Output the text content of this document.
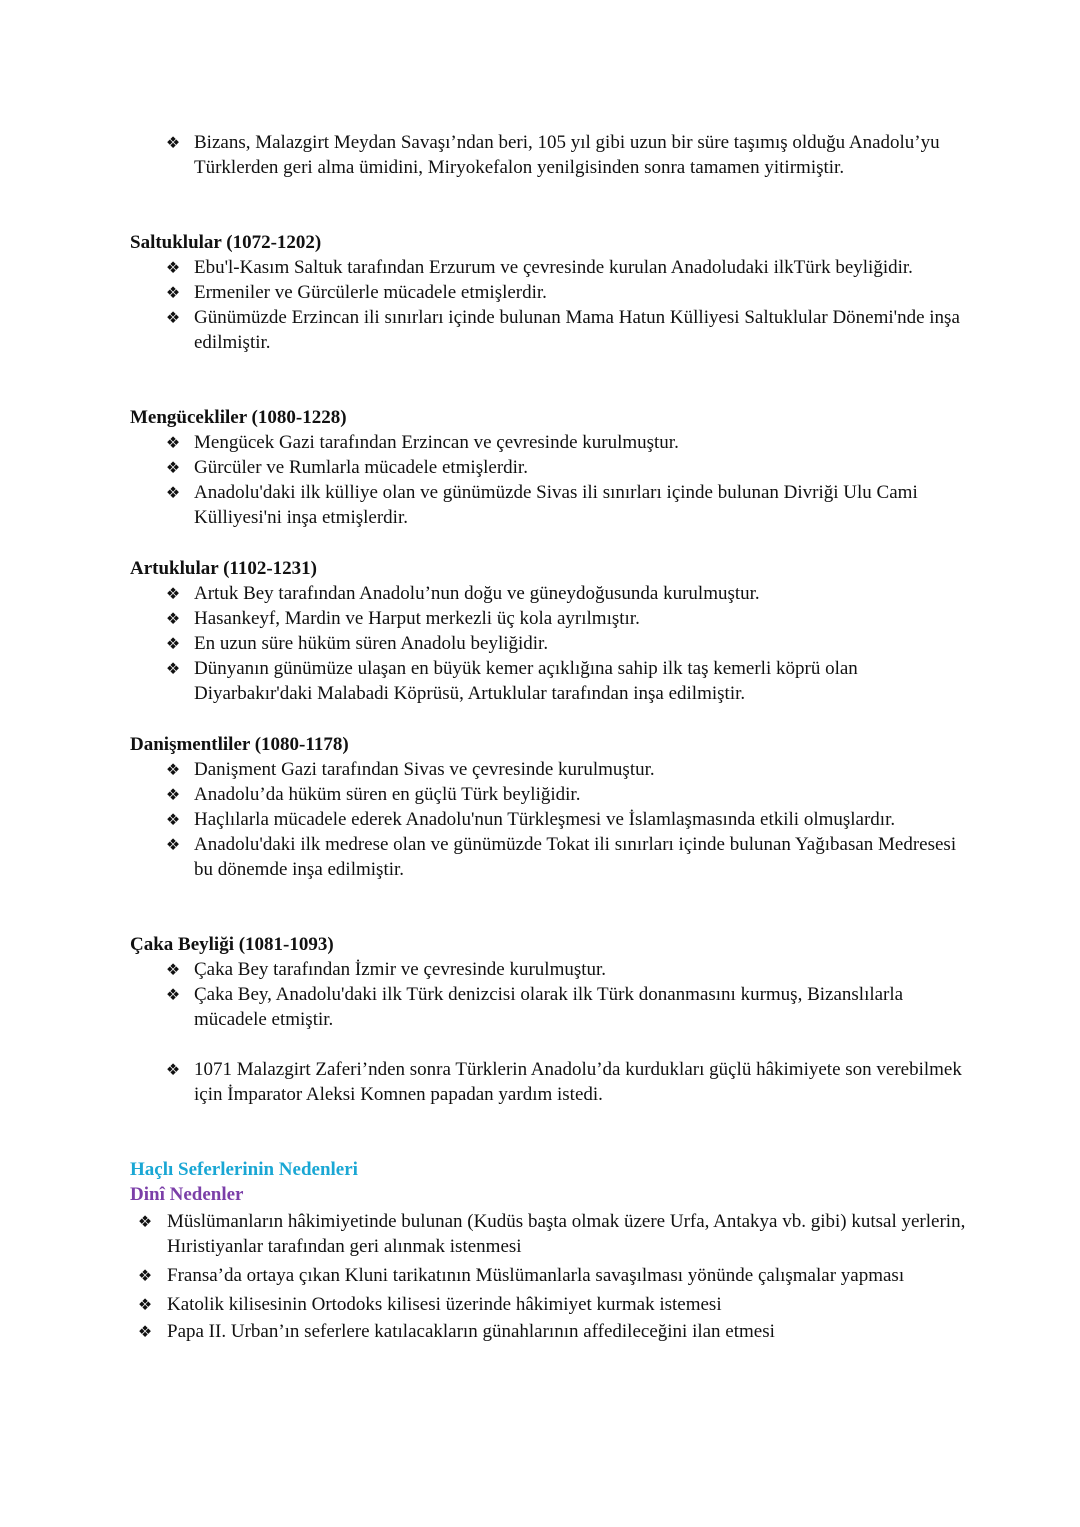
❖ Bizans, Malazgirt Meydan Savaşı’ndan beri, 105 yıl gibi uzun bir süre taşımış olduğu Anadolu’yu Türklerden geri alma ümidini, Miryokefalon yenilgisinden sonra tamamen yitirmiştir.
Saltuklular (1072-1202)
❖ Ebu'l-Kasım Saltuk tarafından Erzurum ve çevresinde kurulan Anadoludaki ilkTürk beyliğidir.
❖ Ermeniler ve Gürcülerle mücadele etmişlerdir.
❖ Günümüzde Erzincan ili sınırları içinde bulunan Mama Hatun Külliyesi Saltuklular Dönemi'nde inşa edilmiştir.
Mengücekliler (1080-1228)
❖ Mengücek Gazi tarafından Erzincan ve çevresinde kurulmuştur.
❖ Gürcüler ve Rumlarla mücadele etmişlerdir.
❖ Anadolu'daki ilk külliye olan ve günümüzde Sivas ili sınırları içinde bulunan Divriği Ulu Cami Külliyesi'ni inşa etmişlerdir.
Artuklular (1102-1231)
❖ Artuk Bey tarafından Anadolu’nun doğu ve güneydoğusunda kurulmuştur.
❖ Hasankeyf, Mardin ve Harput merkezli üç kola ayrılmıştır.
❖ En uzun süre hüküm süren Anadolu beyliğidir.
❖ Dünyanın günümüze ulaşan en büyük kemer açıklığına sahip ilk taş kemerli köprü olan Diyarbakır'daki Malabadi Köprüsü, Artuklular tarafından inşa edilmiştir.
Danişmentliler (1080-1178)
❖ Danişment Gazi tarafından Sivas ve çevresinde kurulmuştur.
❖ Anadolu’da hüküm süren en güçlü Türk beyliğidir.
❖ Haçlılarla mücadele ederek Anadolu'nun Türkleşmesi ve İslamlaşmasında etkili olmuşlardır.
❖ Anadolu'daki ilk medrese olan ve günümüzde Tokat ili sınırları içinde bulunan Yağıbasan Medresesi bu dönemde inşa edilmiştir.
Çaka Beyliği (1081-1093)
❖ Çaka Bey tarafından İzmir ve çevresinde kurulmuştur.
❖ Çaka Bey, Anadolu'daki ilk Türk denizcisi olarak ilk Türk donanmasını kurmuş, Bizanslılarla mücadele etmiştir.
❖ 1071 Malazgirt Zaferi’nden sonra Türklerin Anadolu’da kurdukları güçlü hâkimiyete son verebilmek için İmparator Aleksi Komnen papadan yardım istedi.
Haçlı Seferlerinin Nedenleri
Dinî Nedenler
❖ Müslümanların hâkimiyetinde bulunan (Kudüs başta olmak üzere Urfa, Antakya vb. gibi) kutsal yerlerin, Hıristiyanlar tarafından geri alınmak istenmesi
❖ Fransa’da ortaya çıkan Kluni tarikatının Müslümanlarla savaşılması yönünde çalışmalar yapması
❖ Katolik kilisesinin Ortodoks kilisesi üzerinde hâkimiyet kurmak istemesi
❖ Papa II. Urban’ın seferlere katılacakların günahlarının affedileceğini ilan etmesi
